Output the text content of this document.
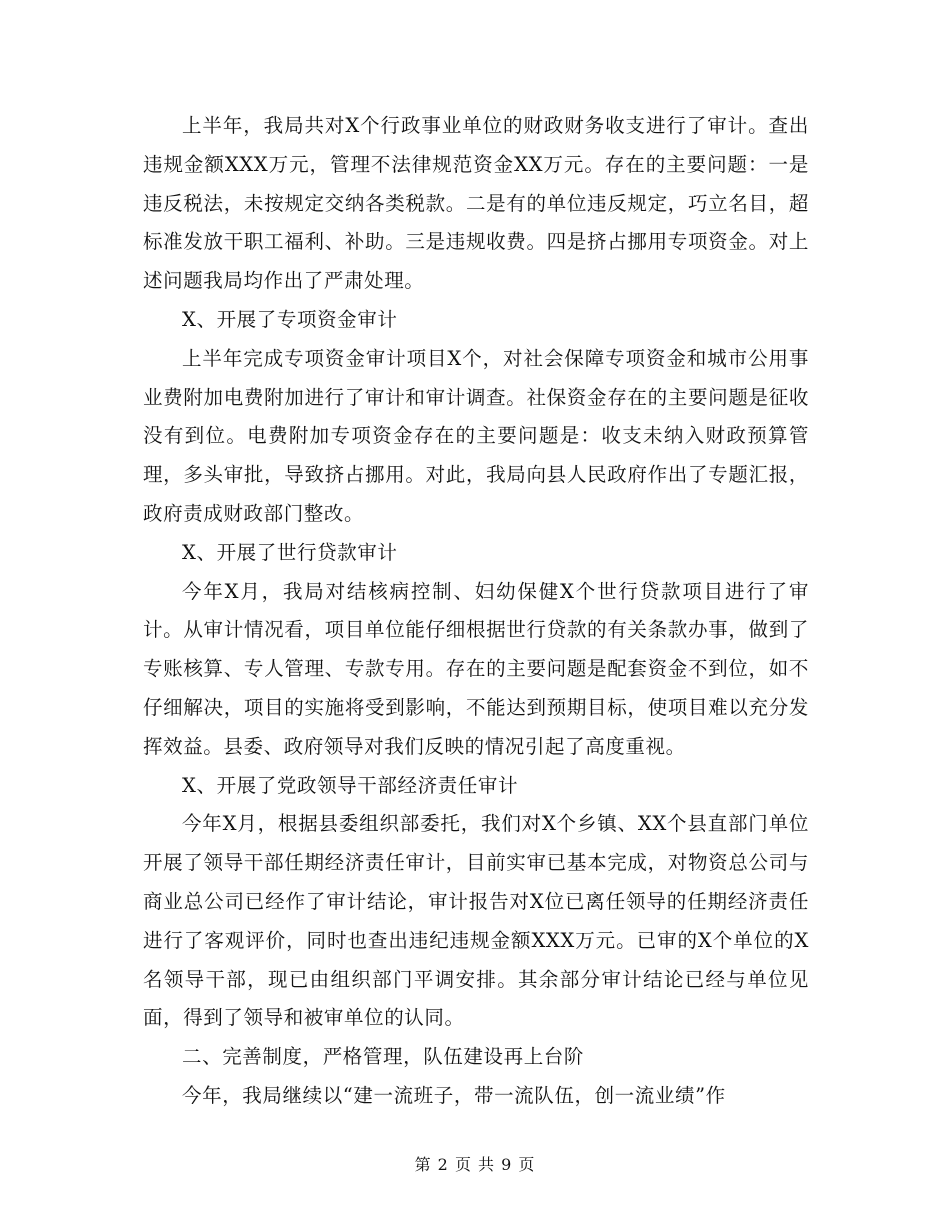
上半年，我局共对X个行政事业单位的财政财务收支进行了审计。查出违规金额XXX万元，管理不法律规范资金XX万元。存在的主要问题：一是违反税法，未按规定交纳各类税款。二是有的单位违反规定，巧立名目，超标准发放干职工福利、补助。三是违规收费。四是挤占挪用专项资金。对上述问题我局均作出了严肃处理。

X、开展了专项资金审计

上半年完成专项资金审计项目X个，对社会保障专项资金和城市公用事业费附加电费附加进行了审计和审计调查。社保资金存在的主要问题是征收没有到位。电费附加专项资金存在的主要问题是：收支未纳入财政预算管理，多头审批，导致挤占挪用。对此，我局向县人民政府作出了专题汇报，政府责成财政部门整改。

X、开展了世行贷款审计

今年X月，我局对结核病控制、妇幼保健X个世行贷款项目进行了审计。从审计情况看，项目单位能仔细根据世行贷款的有关条款办事，做到了专账核算、专人管理、专款专用。存在的主要问题是配套资金不到位，如不仔细解决，项目的实施将受到影响，不能达到预期目标，使项目难以充分发挥效益。县委、政府领导对我们反映的情况引起了高度重视。

X、开展了党政领导干部经济责任审计

今年X月，根据县委组织部委托，我们对X个乡镇、XX个县直部门单位开展了领导干部任期经济责任审计，目前实审已基本完成，对物资总公司与商业总公司已经作了审计结论，审计报告对X位已离任领导的任期经济责任进行了客观评价，同时也查出违纪违规金额XXX万元。已审的X个单位的X名领导干部，现已由组织部门平调安排。其余部分审计结论已经与单位见面，得到了领导和被审单位的认同。

二、完善制度，严格管理，队伍建设再上台阶

今年，我局继续以“建一流班子，带一流队伍，创一流业绩”作

第 2 页 共 9 页
